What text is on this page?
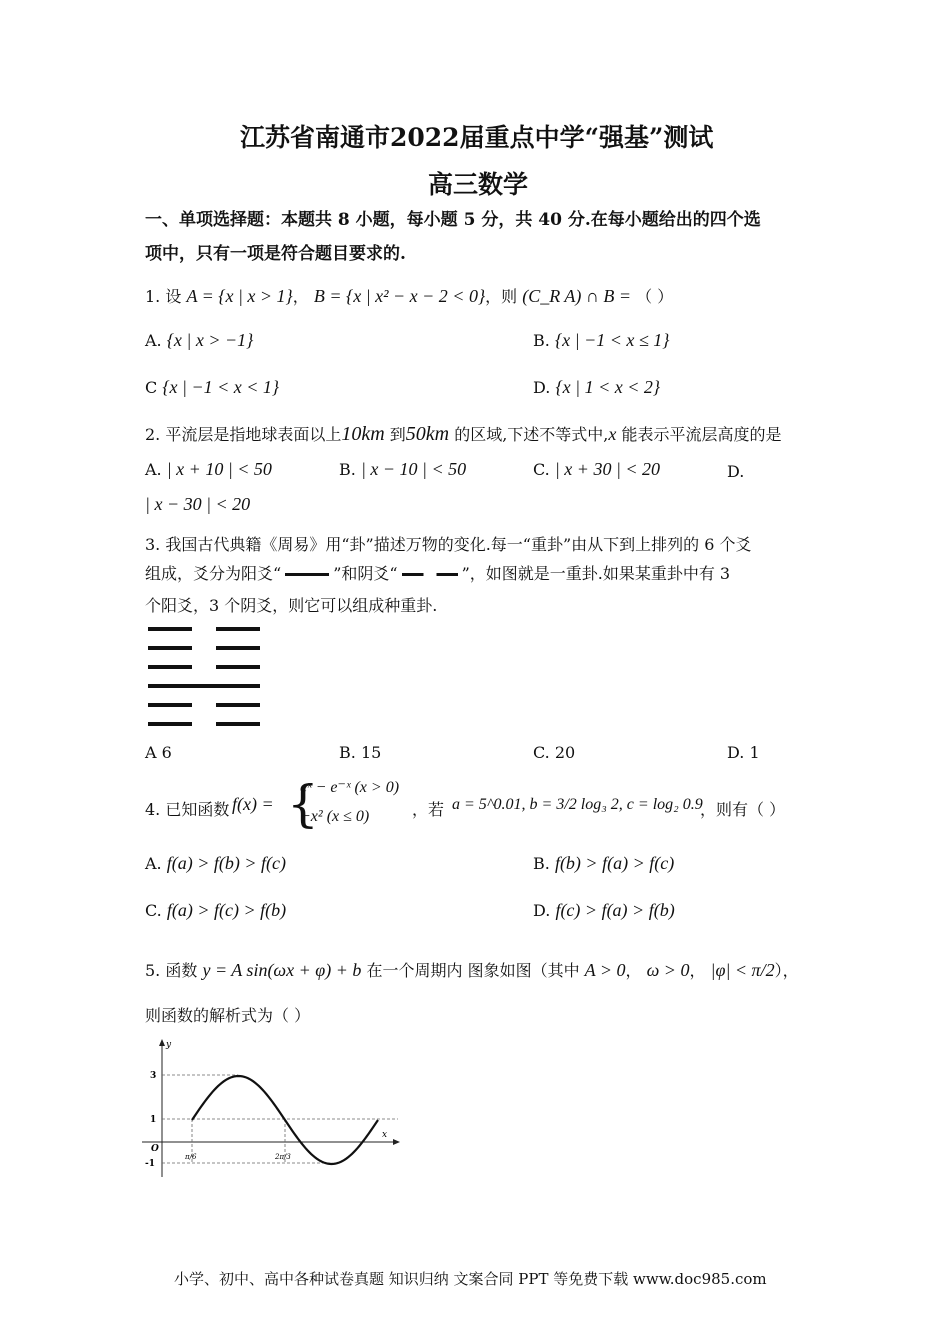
江苏省南通市2022届重点中学“强基”测试
高三数学
一、单项选择题：本题共 8 小题，每小题 5 分，共 40 分.在每小题给出的四个选
项中，只有一项是符合题目要求的.
1. 设 A = {x | x > 1}， B = {x | x² − x − 2 < 0}，则 (C_R A) ∩ B = （ ）
A. {x | x > −1}	B. {x | −1 < x ≤ 1}
C {x | −1 < x < 1}	D. {x | 1 < x < 2}
2. 平流层是指地球表面以上10km 到50km 的区域,下述不等式中,x 能表示平流层高度的是
A. | x + 10 | < 50	B. | x − 10 | < 50	C. | x + 30 | < 20	D.
| x − 30 | < 20
3. 我国古代典籍《周易》用“卦”描述万物的变化.每一“重卦”由从下到上排列的 6 个爻
组成，爻分为阳爻“	”和阴爻“	”，如图就是一重卦.如果某重卦中有 3
个阳爻，3 个阴爻，则它可以组成种重卦.
A 6	B. 15	C. 20	D. 1
4. 已知函数 f(x) = {
eˣ − e⁻ˣ (x > 0)
−x² (x ≤ 0)	，若 a = 5^0.01, b = 3/2 log₃ 2, c = log₂ 0.9
，则有（ ）
A. f(a) > f(b) > f(c)	B. f(b) > f(a) > f(c)
C. f(a) > f(c) > f(b)	D. f(c) > f(a) > f(b)
5. 函数 y = A sin(ωx + φ) + b 在一个周期内 图象如图（其中 A > 0， ω > 0， |φ| < π/2），
则函数的解析式为（ ）
y
x
O
3
1
-1
π/6	2π/3
小学、初中、高中各种试卷真题 知识归纳 文案合同 PPT 等免费下载 www.doc985.com
